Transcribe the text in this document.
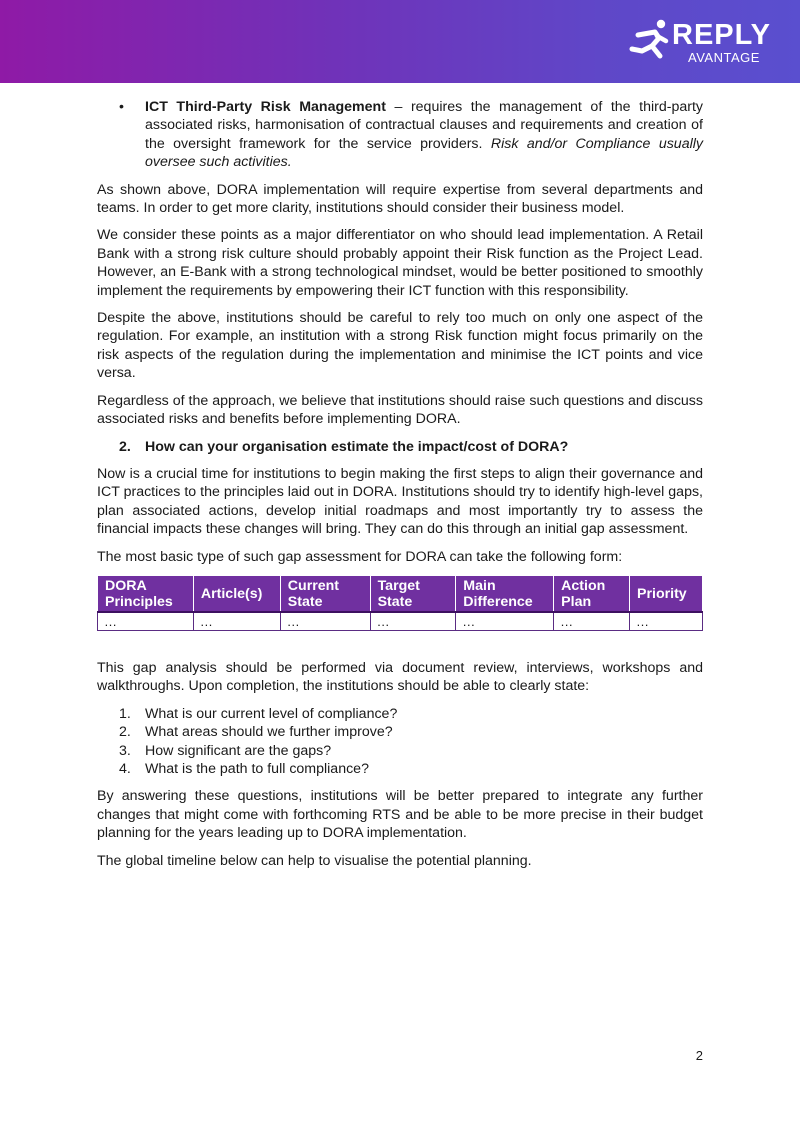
REPLY
AVANTAGE
• ICT Third-Party Risk Management – requires the management of the third-party associated risks, harmonisation of contractual clauses and requirements and creation of the oversight framework for the service providers. Risk and/or Compliance usually oversee such activities.
As shown above, DORA implementation will require expertise from several departments and teams. In order to get more clarity, institutions should consider their business model.
We consider these points as a major differentiator on who should lead implementation. A Retail Bank with a strong risk culture should probably appoint their Risk function as the Project Lead. However, an E-Bank with a strong technological mindset, would be better positioned to smoothly implement the requirements by empowering their ICT function with this responsibility.
Despite the above, institutions should be careful to rely too much on only one aspect of the regulation. For example, an institution with a strong Risk function might focus primarily on the risk aspects of the regulation during the implementation and minimise the ICT points and vice versa.
Regardless of the approach, we believe that institutions should raise such questions and discuss associated risks and benefits before implementing DORA.
2. How can your organisation estimate the impact/cost of DORA?
Now is a crucial time for institutions to begin making the first steps to align their governance and ICT practices to the principles laid out in DORA. Institutions should try to identify high-level gaps, plan associated actions, develop initial roadmaps and most importantly try to assess the financial impacts these changes will bring. They can do this through an initial gap assessment.
The most basic type of such gap assessment for DORA can take the following form:
DORA Principles	Article(s)	Current State	Target State	Main Difference	Action Plan	Priority
…	…	…	…	…	…	…
This gap analysis should be performed via document review, interviews, workshops and walkthroughs. Upon completion, the institutions should be able to clearly state:
1. What is our current level of compliance?
2. What areas should we further improve?
3. How significant are the gaps?
4. What is the path to full compliance?
By answering these questions, institutions will be better prepared to integrate any further changes that might come with forthcoming RTS and be able to be more precise in their budget planning for the years leading up to DORA implementation.
The global timeline below can help to visualise the potential planning.
2
